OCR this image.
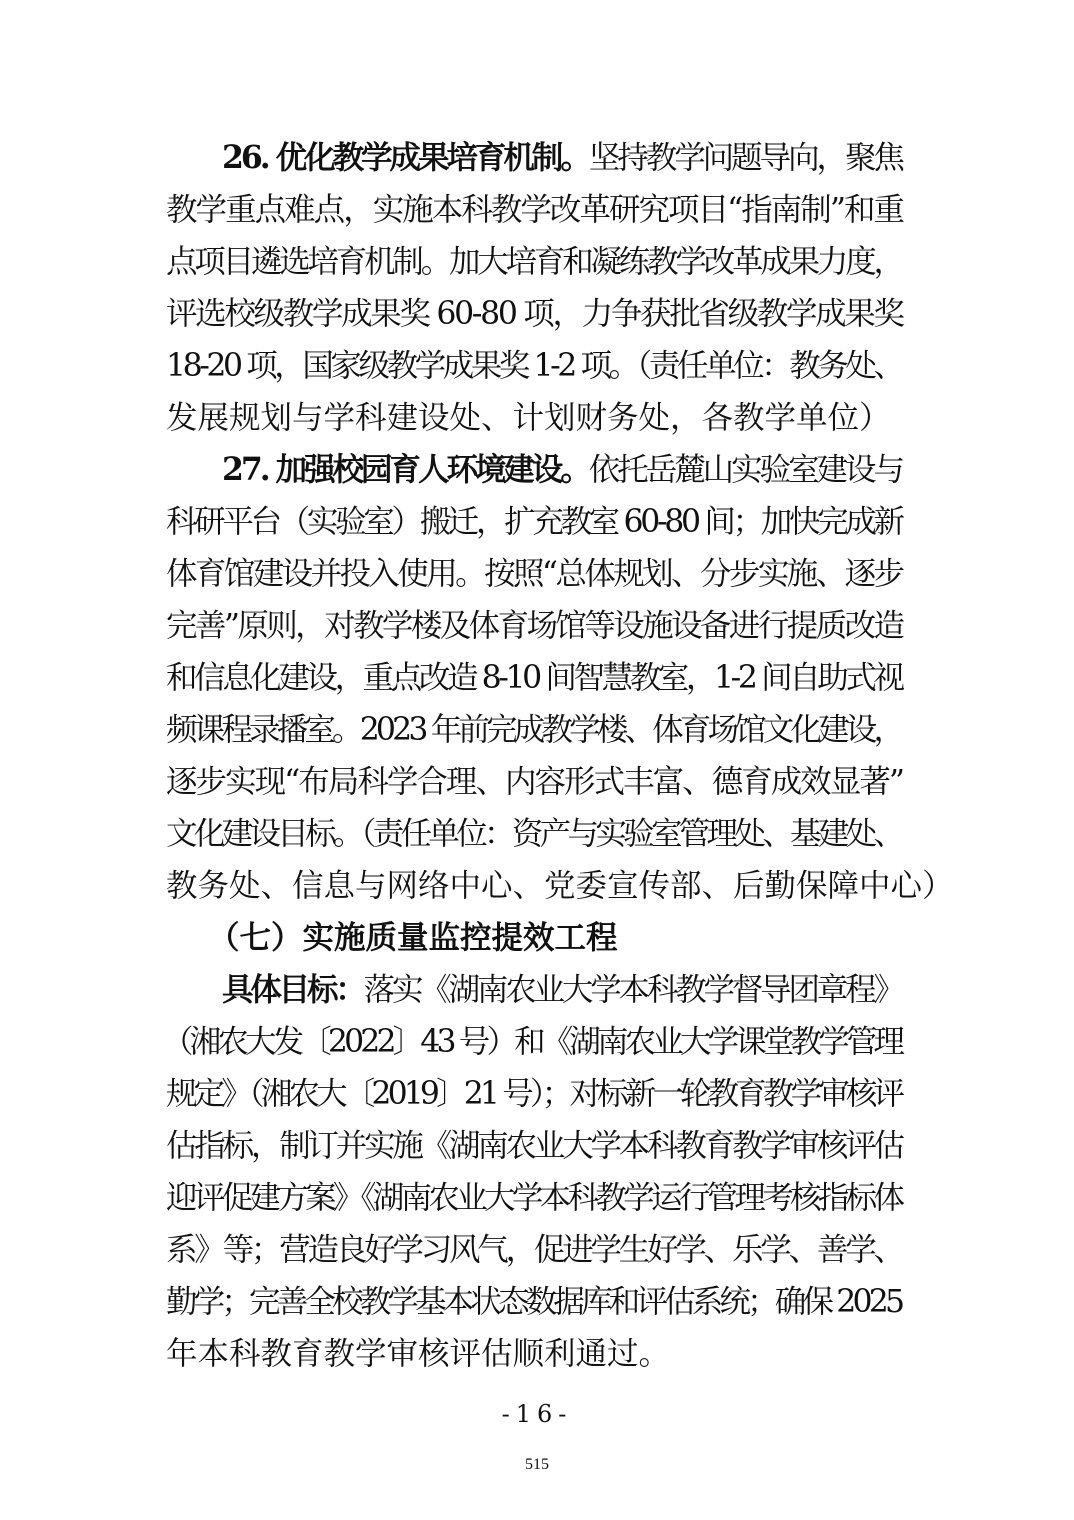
26. 优化教学成果培育机制。坚持教学问题导向，聚焦
教学重点难点，实施本科教学改革研究项目“指南制”和重
点项目遴选培育机制。加大培育和凝练教学改革成果力度，
评选校级教学成果奖 60-80 项，力争获批省级教学成果奖
18-20 项，国家级教学成果奖 1-2 项。（责任单位：教务处、
发展规划与学科建设处、计划财务处，各教学单位）
27. 加强校园育人环境建设。依托岳麓山实验室建设与
科研平台（实验室）搬迁，扩充教室 60-80 间；加快完成新
体育馆建设并投入使用。按照“总体规划、分步实施、逐步
完善”原则，对教学楼及体育场馆等设施设备进行提质改造
和信息化建设，重点改造 8-10 间智慧教室，1-2 间自助式视
频课程录播室。2023 年前完成教学楼、体育场馆文化建设，
逐步实现“布局科学合理、内容形式丰富、德育成效显著”
文化建设目标。（责任单位：资产与实验室管理处、基建处、
教务处、信息与网络中心、党委宣传部、后勤保障中心）
（七）实施质量监控提效工程
具体目标：落实《湖南农业大学本科教学督导团章程》
（湘农大发〔2022〕43 号）和《湖南农业大学课堂教学管理
规定》（湘农大〔2019〕21 号）；对标新一轮教育教学审核评
估指标，制订并实施《湖南农业大学本科教育教学审核评估
迎评促建方案》《湖南农业大学本科教学运行管理考核指标体
系》等；营造良好学习风气，促进学生好学、乐学、善学、
勤学；完善全校教学基本状态数据库和评估系统；确保 2025
年本科教育教学审核评估顺利通过。
-16-
515
